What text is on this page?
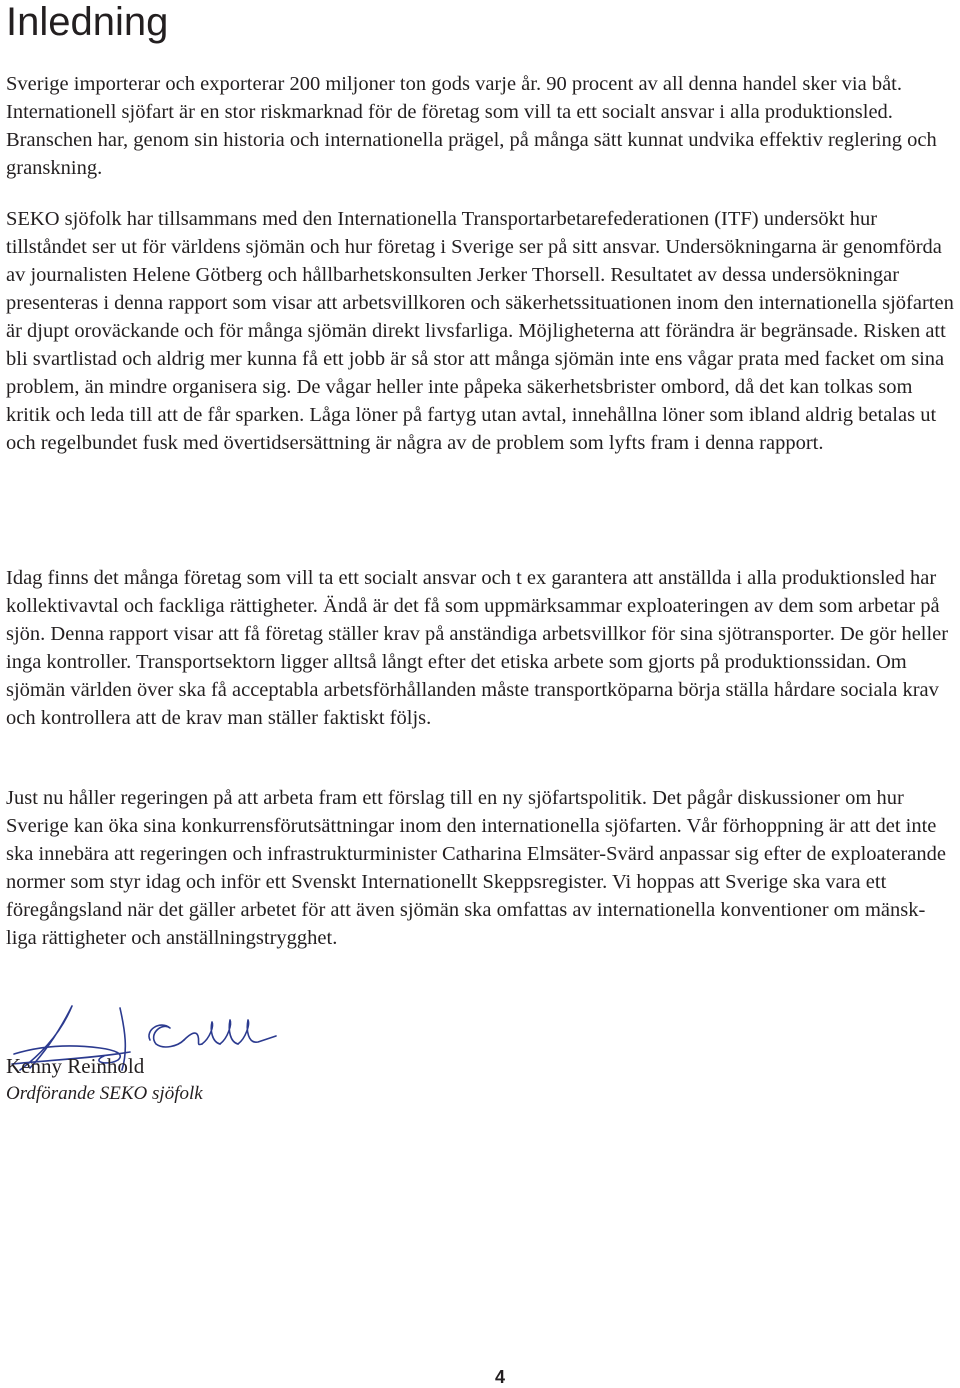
Inledning

Sverige importerar och exporterar 200 miljoner ton gods varje år. 90 procent av all denna handel sker via båt. Internationell sjöfart är en stor riskmarknad för de företag som vill ta ett socialt ansvar i alla produktionsled. Branschen har, genom sin historia och internationella prägel, på många sätt kunnat undvika effektiv reglering och granskning.

SEKO sjöfolk har tillsammans med den Internationella Transportarbetarefederationen (ITF) undersökt hur tillståndet ser ut för världens sjömän och hur företag i Sverige ser på sitt ansvar. Undersökningarna är genomförda av journalisten Helene Götberg och hållbarhetskonsulten Jerker Thorsell. Resultatet av dessa undersökningar presenteras i denna rapport som visar att arbetsvillkoren och säkerhetssituationen inom den internationella sjöfarten är djupt oroväckande och för många sjömän direkt livsfarliga. Möjligheterna att förändra är begränsade. Risken att bli svartlistad och aldrig mer kunna få ett jobb är så stor att många sjömän inte ens vågar prata med facket om sina problem, än mindre organisera sig. De vågar heller inte påpeka säkerhetsbrister ombord, då det kan tolkas som kritik och leda till att de får sparken. Låga löner på fartyg utan avtal, innehållna löner som ibland aldrig betalas ut och regelbundet fusk med övertidsersättning är några av de problem som lyfts fram i denna rapport.

Idag finns det många företag som vill ta ett socialt ansvar och t ex garantera att anställda i alla produktionsled har kollektivavtal och fackliga rättigheter. Ändå är det få som uppmärksammar exploateringen av dem som arbetar på sjön. Denna rapport visar att få företag ställer krav på anständiga arbetsvillkor för sina sjötransporter. De gör heller inga kontroller. Transportsektorn ligger alltså långt efter det etiska arbete som gjorts på produktionssidan. Om sjömän världen över ska få acceptabla arbetsförhållanden måste transportköparna börja ställa hårdare sociala krav och kontrollera att de krav man ställer faktiskt följs.

Just nu håller regeringen på att arbeta fram ett förslag till en ny sjöfartspolitik. Det pågår diskussioner om hur Sverige kan öka sina konkurrensförutsättningar inom den internationella sjöfarten. Vår förhoppning är att det inte ska innebära att regeringen och infrastrukturminister Catharina Elmsäter-Svärd anpassar sig efter de exploaterande normer som styr idag och inför ett Svenskt Internationellt Skeppsregister. Vi hoppas att Sverige ska vara ett föregångsland när det gäller arbetet för att även sjömän ska omfattas av internationella konventioner om mänsk-liga rättigheter och anställningstrygghet.

Kenny Reinhold

Ordförande SEKO sjöfolk

4
